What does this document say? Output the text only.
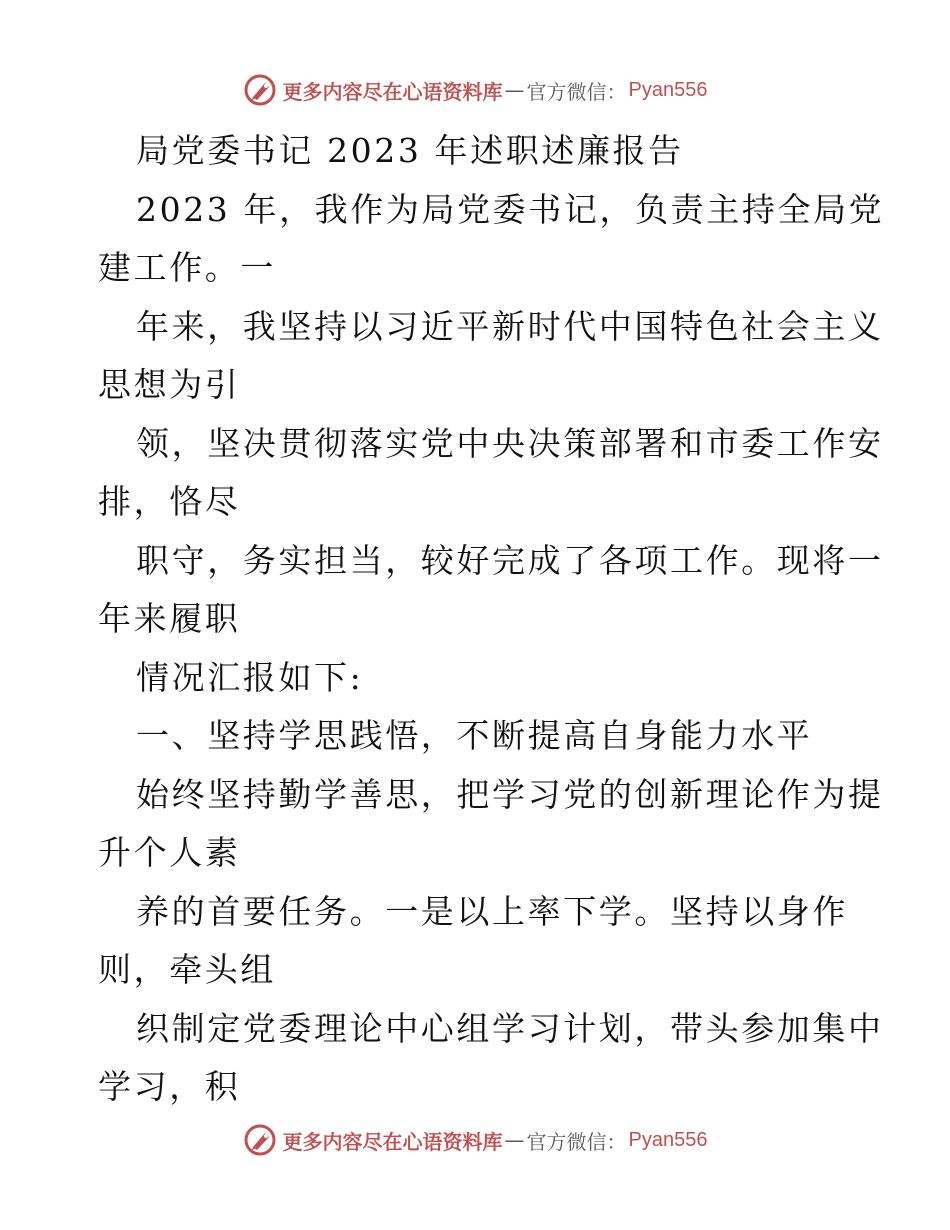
更多内容尽在心语资料库 — 官方微信： Pyan556
局党委书记 2023 年述职述廉报告
2023 年，我作为局党委书记，负责主持全局党
建工作。一
年来，我坚持以习近平新时代中国特色社会主义
思想为引
领，坚决贯彻落实党中央决策部署和市委工作安
排，恪尽
职守，务实担当，较好完成了各项工作。现将一
年来履职
情况汇报如下:
一、坚持学思践悟，不断提高自身能力水平
始终坚持勤学善思，把学习党的创新理论作为提
升个人素
养的首要任务。一是以上率下学。坚持以身作
则，牵头组
织制定党委理论中心组学习计划，带头参加集中
学习，积
更多内容尽在心语资料库 — 官方微信： Pyan556
